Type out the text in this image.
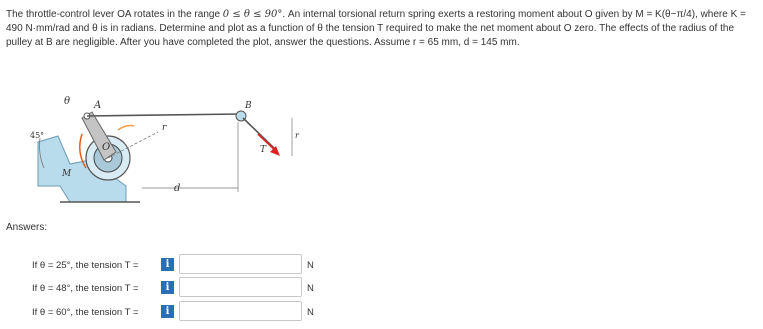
The throttle-control lever OA rotates in the range 0 ≤ θ ≤ 90°. An internal torsional return spring exerts a restoring moment about O given by M = K(θ−π/4), where K = 490 N·mm/rad and θ is in radians. Determine and plot as a function of θ the tension T required to make the net moment about O zero. The effects of the radius of the pulley at B are negligible. After you have completed the plot, answer the questions. Assume r = 65 mm, d = 145 mm.
θ A
45°
r
O
M
d
B
T
r
Answers:
If θ = 25°, the tension T =	i	N
If θ = 48°, the tension T =	i	N
If θ = 60°, the tension T =	i	N
